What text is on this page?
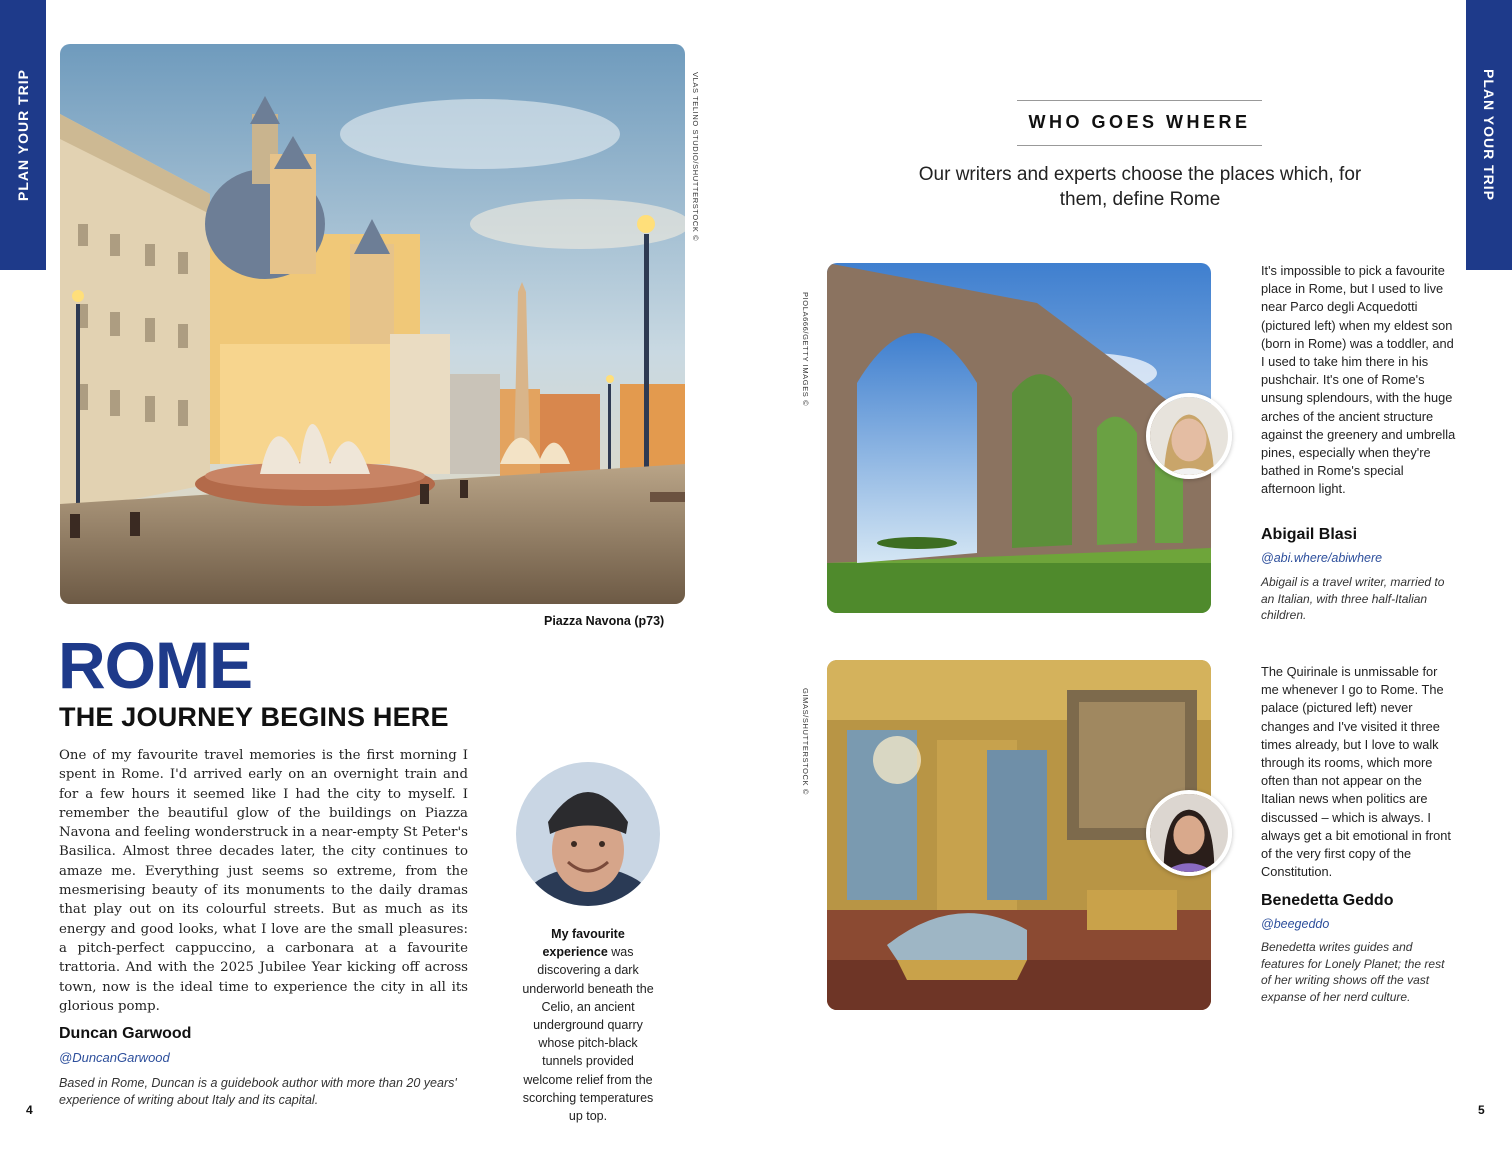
PLAN YOUR TRIP	PLAN YOUR TRIP
VLAS TELINO STUDIO/SHUTTERSTOCK ©
Piazza Navona (p73)
ROME
THE JOURNEY BEGINS HERE

One of my favourite travel memories is the first morning I spent in Rome. I'd arrived early on an overnight train and for a few hours it seemed like I had the city to myself. I remember the beautiful glow of the buildings on Piazza Navona and feeling wonderstruck in a near-empty St Peter's Basilica. Almost three decades later, the city continues to amaze me. Everything just seems so extreme, from the mesmerising beauty of its monuments to the daily dramas that play out on its colourful streets. But as much as its energy and good looks, what I love are the small pleasures: a pitch-perfect cappuccino, a carbonara at a favourite trattoria. And with the 2025 Jubilee Year kicking off across town, now is the ideal time to experience the city in all its glorious pomp.

Duncan Garwood
@DuncanGarwood
Based in Rome, Duncan is a guidebook author with more than 20 years' experience of writing about Italy and its capital.
My favourite experience was discovering a dark underworld beneath the Celio, an ancient underground quarry whose pitch-black tunnels provided welcome relief from the scorching temperatures up top.
4
WHO GOES WHERE
Our writers and experts choose the places which, for them, define Rome
PIOLA666/GETTY IMAGES ©

It's impossible to pick a favourite place in Rome, but I used to live near Parco degli Acquedotti (pictured left) when my eldest son (born in Rome) was a toddler, and I used to take him there in his pushchair. It's one of Rome's unsung splendours, with the huge arches of the ancient structure against the greenery and umbrella pines, especially when they're bathed in Rome's special afternoon light.

Abigail Blasi
@abi.where/abiwhere
Abigail is a travel writer, married to an Italian, with three half-Italian children.
GIMAS/SHUTTERSTOCK ©

The Quirinale is unmissable for me whenever I go to Rome. The palace (pictured left) never changes and I've visited it three times already, but I love to walk through its rooms, which more often than not appear on the Italian news when politics are discussed – which is always. I always get a bit emotional in front of the very first copy of the Constitution.

Benedetta Geddo
@beegeddo
Benedetta writes guides and features for Lonely Planet; the rest of her writing shows off the vast expanse of her nerd culture.
5
